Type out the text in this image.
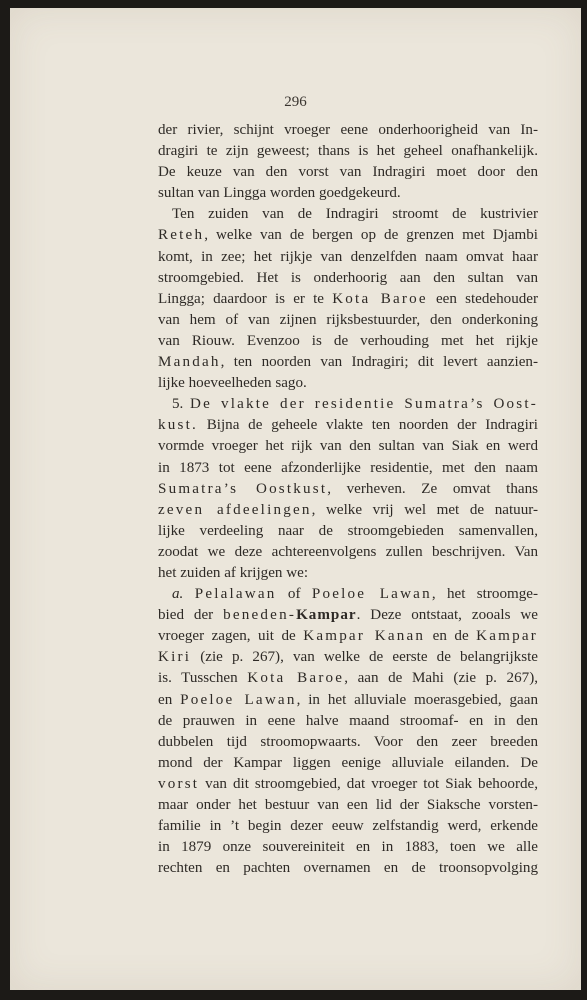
296
der rivier, schijnt vroeger eene onderhoorigheid van In-
dragiri te zijn geweest; thans is het geheel onafhankelijk.
De keuze van den vorst van Indragiri moet door den
sultan van Lingga worden goedgekeurd.
Ten zuiden van de Indragiri stroomt de kustrivier
Reteh, welke van de bergen op de grenzen met Djambi
komt, in zee; het rijkje van denzelfden naam omvat haar
stroomgebied. Het is onderhoorig aan den sultan van
Lingga; daardoor is er te Kota Baroe een stedehouder
van hem of van zijnen rijksbestuurder, den onderkoning
van Riouw. Evenzoo is de verhouding met het rijkje
Mandah, ten noorden van Indragiri; dit levert aanzien-
lijke hoeveelheden sago.
5. De vlakte der residentie Sumatra’s Oost-
kust. Bijna de geheele vlakte ten noorden der Indragiri
vormde vroeger het rijk van den sultan van Siak en werd
in 1873 tot eene afzonderlijke residentie, met den naam
Sumatra’s Oostkust, verheven. Ze omvat thans
zeven afdeelingen, welke vrij wel met de natuur-
lijke verdeeling naar de stroomgebieden samenvallen,
zoodat we deze achtereenvolgens zullen beschrijven. Van
het zuiden af krijgen we:
a. Pelalawan of Poeloe Lawan, het stroomge-
bied der beneden-Kampar. Deze ontstaat, zooals we
vroeger zagen, uit de Kampar Kanan en de Kampar
Kiri (zie p. 267), van welke de eerste de belangrijkste
is. Tusschen Kota Baroe, aan de Mahi (zie p. 267),
en Poeloe Lawan, in het alluviale moerasgebied, gaan
de prauwen in eene halve maand stroomaf- en in den
dubbelen tijd stroomopwaarts. Voor den zeer breeden
mond der Kampar liggen eenige alluviale eilanden. De
vorst van dit stroomgebied, dat vroeger tot Siak behoorde,
maar onder het bestuur van een lid der Siaksche vorsten-
familie in ’t begin dezer eeuw zelfstandig werd, erkende
in 1879 onze souvereiniteit en in 1883, toen we alle
rechten en pachten overnamen en de troonsopvolging
